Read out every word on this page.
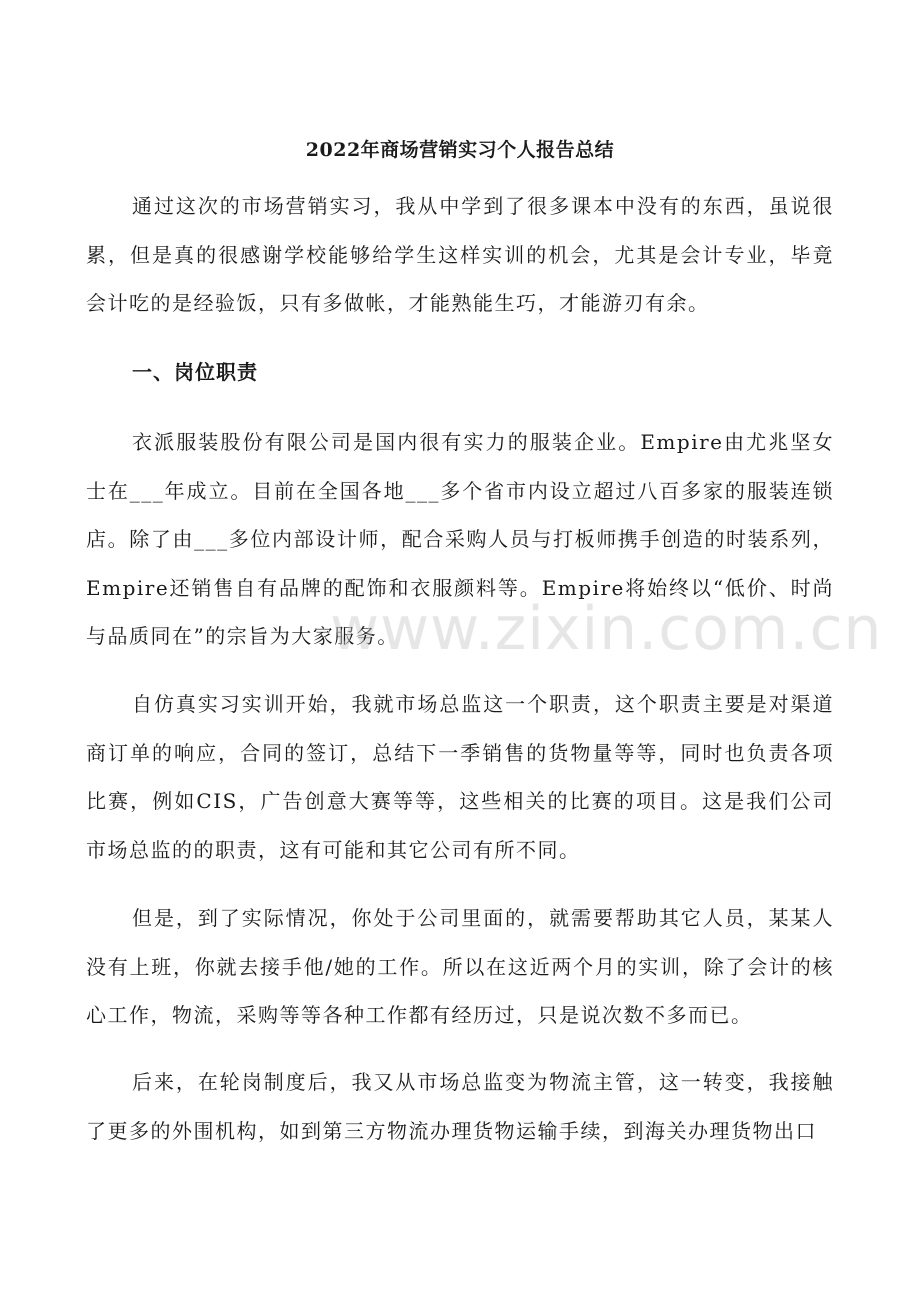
2022年商场营销实习个人报告总结

通过这次的市场营销实习，我从中学到了很多课本中没有的东西，虽说很累，但是真的很感谢学校能够给学生这样实训的机会，尤其是会计专业，毕竟会计吃的是经验饭，只有多做帐，才能熟能生巧，才能游刃有余。

一、岗位职责

衣派服装股份有限公司是国内很有实力的服装企业。Empire由尤兆坚女士在___年成立。目前在全国各地___多个省市内设立超过八百多家的服装连锁店。除了由___多位内部设计师，配合采购人员与打板师携手创造的时装系列，Empire还销售自有品牌的配饰和衣服颜料等。Empire将始终以“低价、时尚与品质同在”的宗旨为大家服务。

自仿真实习实训开始，我就市场总监这一个职责，这个职责主要是对渠道商订单的响应，合同的签订，总结下一季销售的货物量等等，同时也负责各项比赛，例如CIS，广告创意大赛等等，这些相关的比赛的项目。这是我们公司市场总监的的职责，这有可能和其它公司有所不同。

但是，到了实际情况，你处于公司里面的，就需要帮助其它人员，某某人没有上班，你就去接手他/她的工作。所以在这近两个月的实训，除了会计的核心工作，物流，采购等等各种工作都有经历过，只是说次数不多而已。

后来，在轮岗制度后，我又从市场总监变为物流主管，这一转变，我接触了更多的外围机构，如到第三方物流办理货物运输手续，到海关办理货物出口

www.zixin.com.cn
